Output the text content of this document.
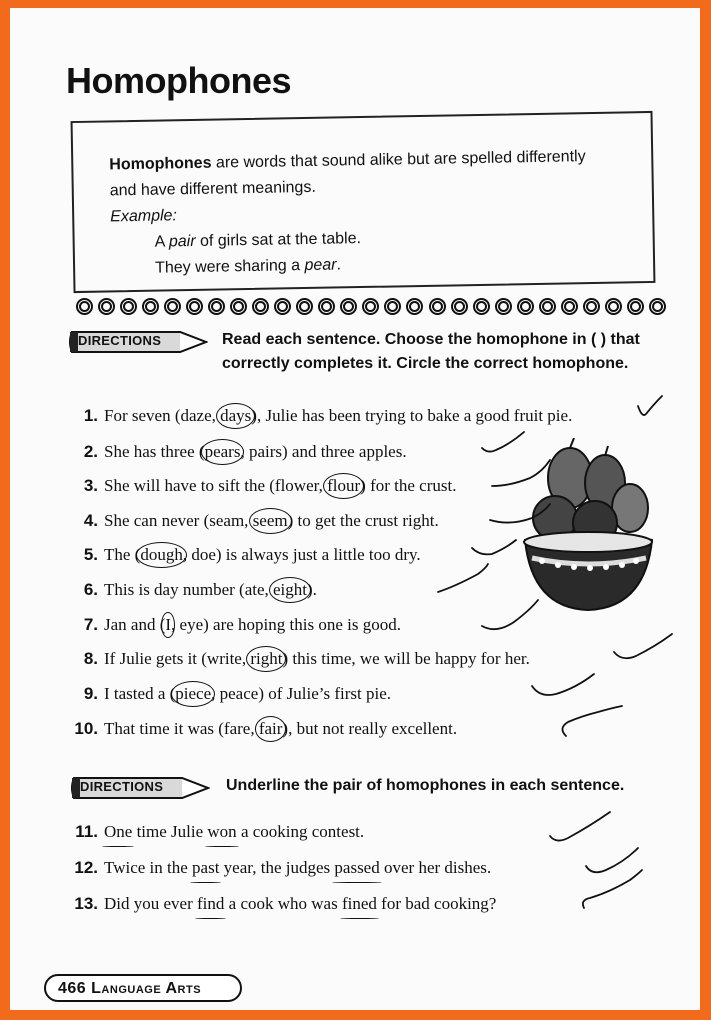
Homophones
Homophones are words that sound alike but are spelled differently
and have different meanings.
Example:
A pair of girls sat at the table.
They were sharing a pear.
DIRECTIONS	Read each sentence. Choose the homophone in ( ) that
correctly completes it. Circle the correct homophone.
1. For seven (daze, days), Julie has been trying to bake a good fruit pie.
2. She has three (pears, pairs) and three apples.
3. She will have to sift the (flower, flour) for the crust.
4. She can never (seam, seem) to get the crust right.
5. The (dough, doe) is always just a little too dry.
6. This is day number (ate, eight).
7. Jan and (I, eye) are hoping this one is good.
8. If Julie gets it (write, right) this time, we will be happy for her.
9. I tasted a (piece, peace) of Julie’s first pie.
10. That time it was (fare, fair), but not really excellent.
DIRECTIONS	Underline the pair of homophones in each sentence.
11. One time Julie won a cooking contest.
12. Twice in the past year, the judges passed over her dishes.
13. Did you ever find a cook who was fined for bad cooking?
466 Language Arts
